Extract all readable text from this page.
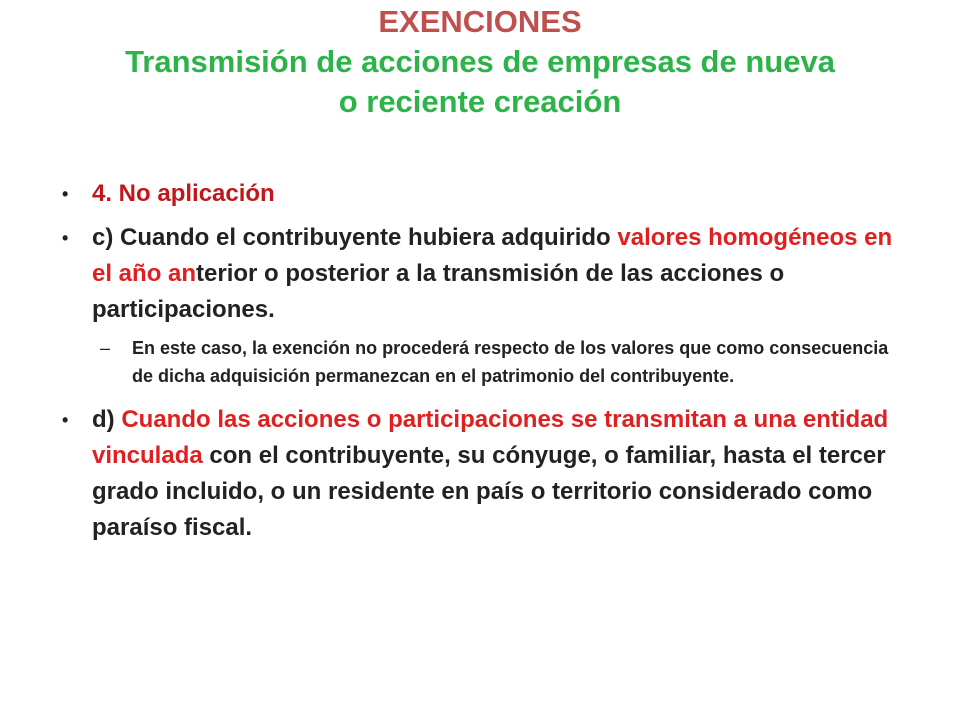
EXENCIONES
Transmisión de acciones de empresas de nueva
o reciente creación
• 4. No aplicación
• c) Cuando el contribuyente hubiera adquirido valores homogéneos en el año anterior o posterior a la transmisión de las acciones o participaciones.
– En este caso, la exención no procederá respecto de los valores que como consecuencia de dicha adquisición permanezcan en el patrimonio del contribuyente.
• d) Cuando las acciones o participaciones se transmitan a una entidad vinculada con el contribuyente, su cónyuge, o familiar, hasta el tercer grado incluido, o un residente en país o territorio considerado como paraíso fiscal.
